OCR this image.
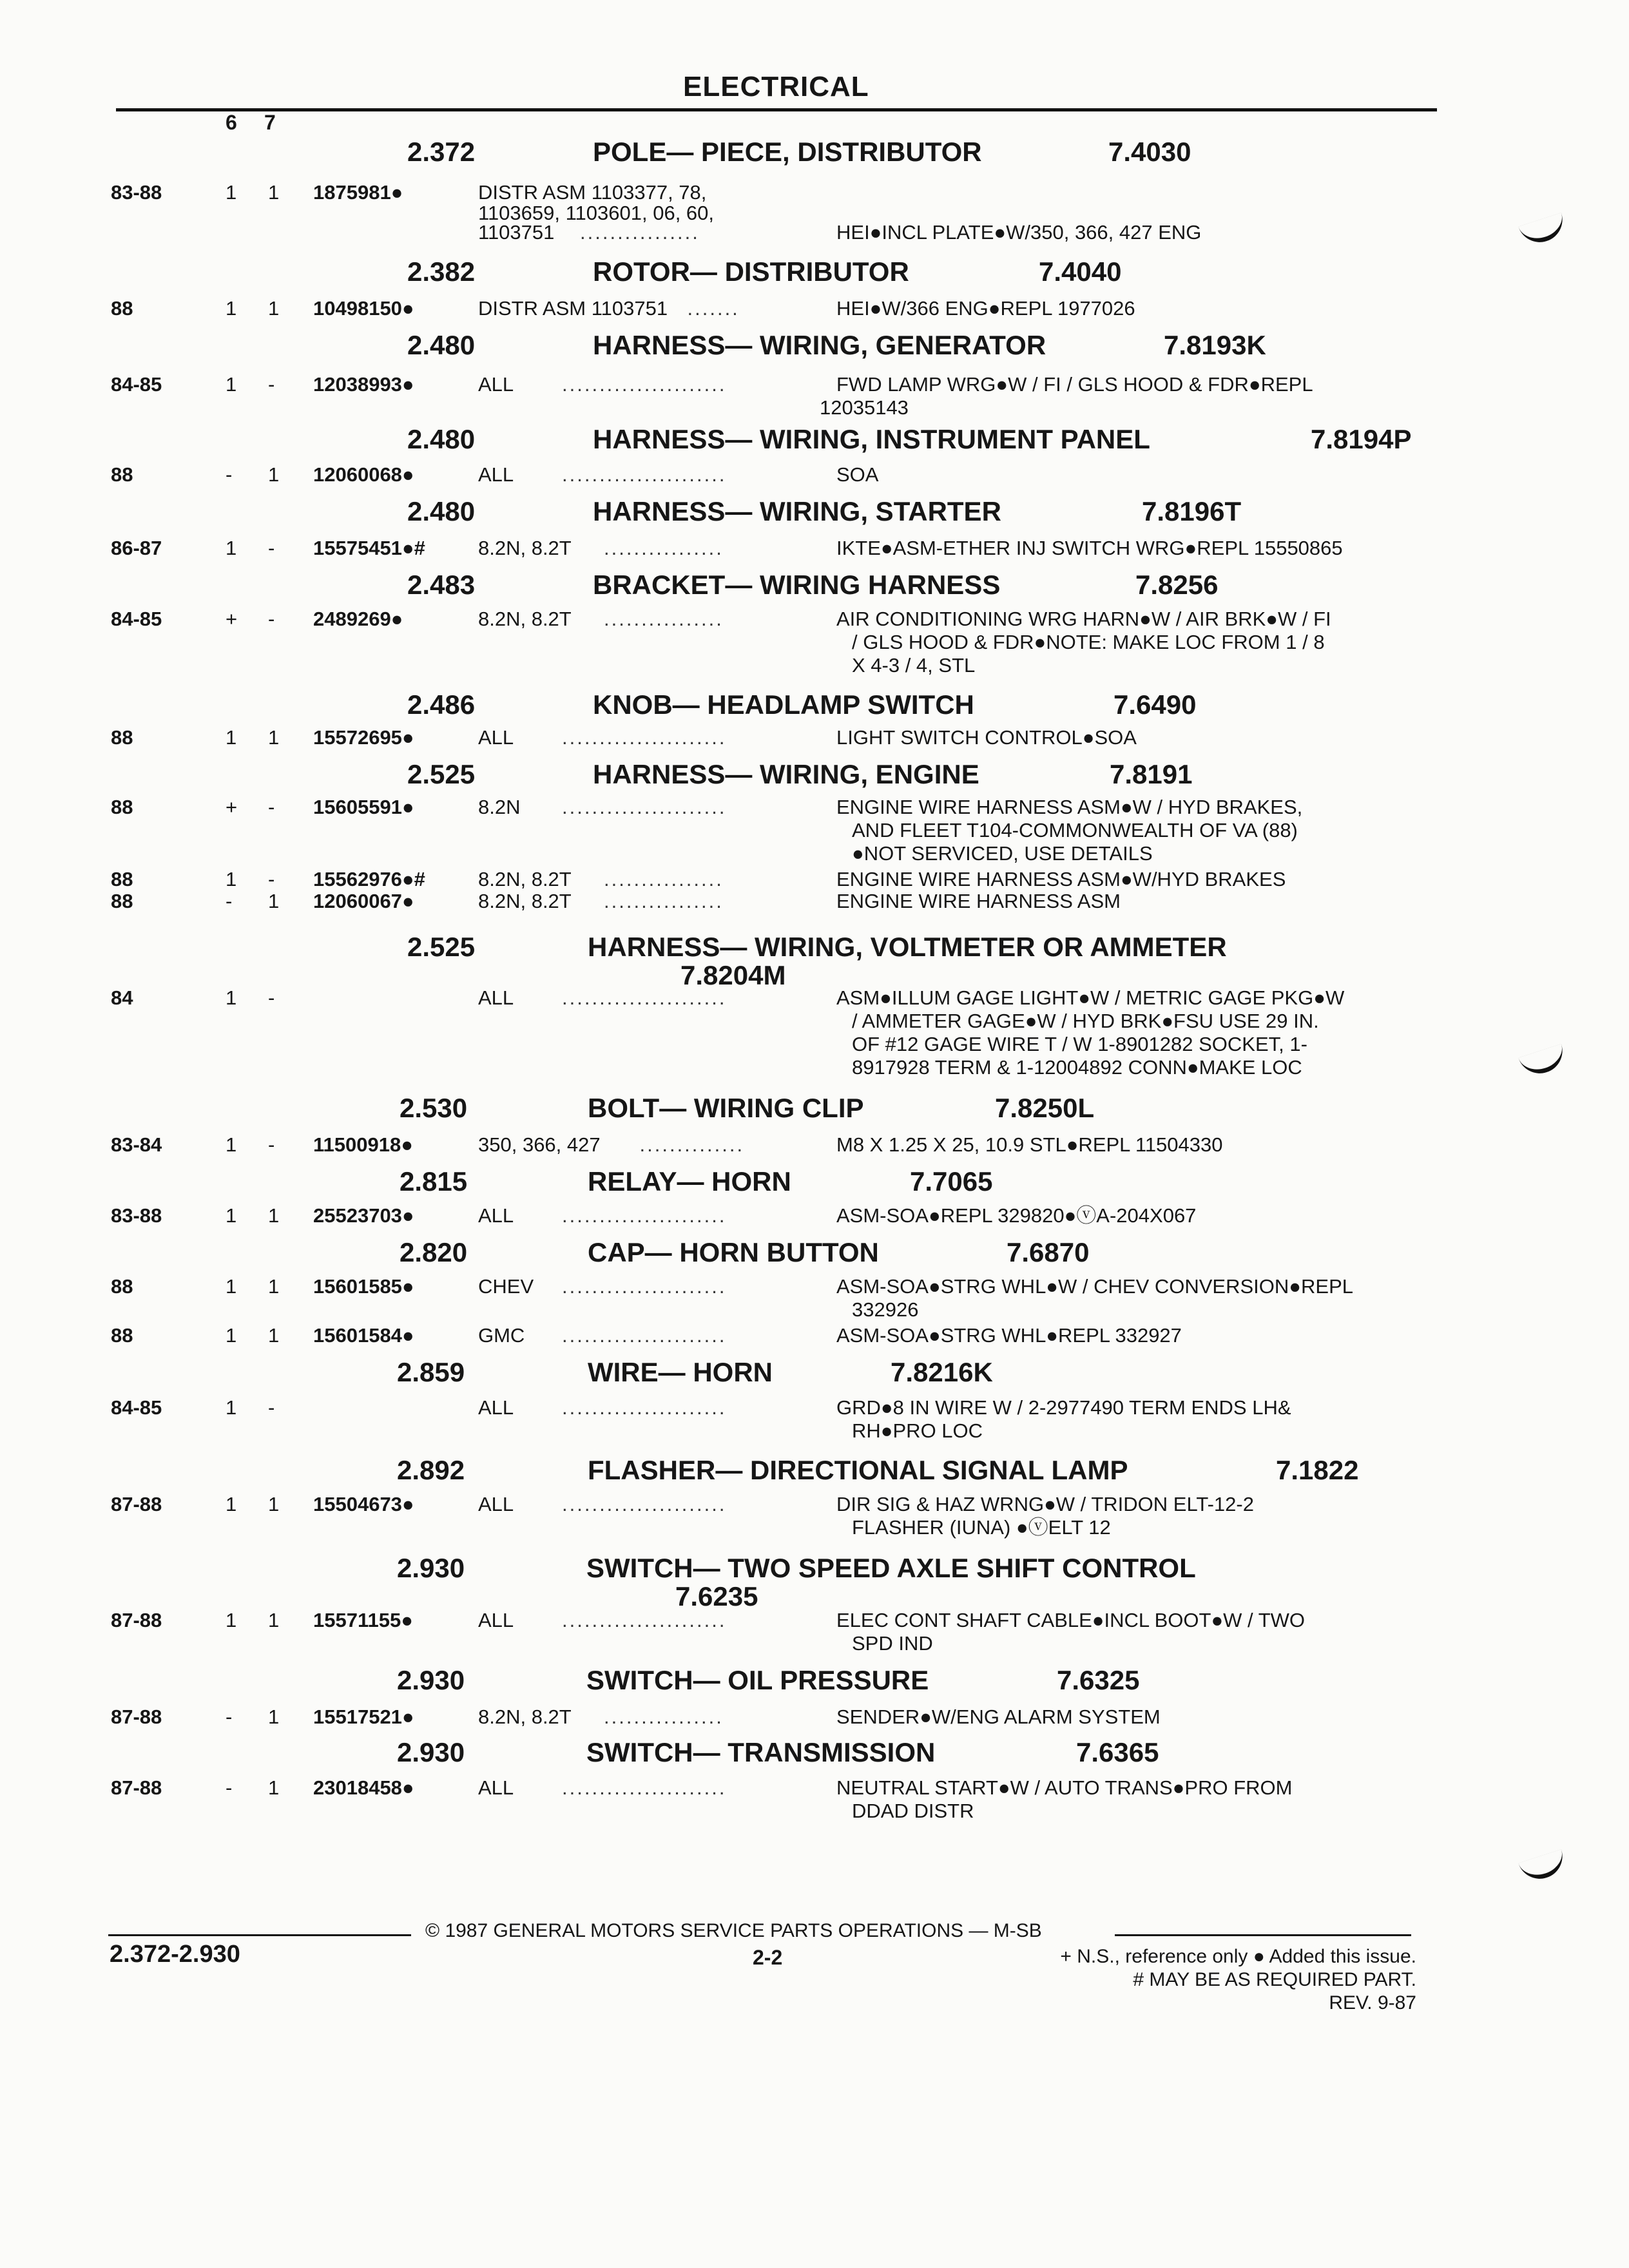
ELECTRICAL
6 7
2.372	POLE— PIECE, DISTRIBUTOR	7.4030
83-88	1 1 1875981●	DISTR ASM 1103377, 78,
1103659, 1103601, 06, 60,
1103751 ................	HEI●INCL PLATE●W/350, 366, 427 ENG
2.382	ROTOR— DISTRIBUTOR	7.4040
88	1 1 10498150●	DISTR ASM 1103751 .......	HEI●W/366 ENG●REPL 1977026
2.480	HARNESS— WIRING, GENERATOR	7.8193K
84-85	1 - 12038993●	ALL ......................	FWD LAMP WRG●W / FI / GLS HOOD & FDR●REPL
12035143
2.480	HARNESS— WIRING, INSTRUMENT PANEL	7.8194P
88	- 1 12060068●	ALL ......................	SOA
2.480	HARNESS— WIRING, STARTER	7.8196T
86-87	1 - 15575451●#	8.2N, 8.2T ................	IKTE●ASM-ETHER INJ SWITCH WRG●REPL 15550865
2.483	BRACKET— WIRING HARNESS	7.8256
84-85	+ - 2489269●	8.2N, 8.2T ................	AIR CONDITIONING WRG HARN●W / AIR BRK●W / FI
/ GLS HOOD & FDR●NOTE: MAKE LOC FROM 1 / 8
X 4-3 / 4, STL
2.486	KNOB— HEADLAMP SWITCH	7.6490
88	1 1 15572695●	ALL ......................	LIGHT SWITCH CONTROL●SOA
2.525	HARNESS— WIRING, ENGINE	7.8191
88	+ - 15605591●	8.2N ......................	ENGINE WIRE HARNESS ASM●W / HYD BRAKES,
AND FLEET T104-COMMONWEALTH OF VA (88)
●NOT SERVICED, USE DETAILS
88	1 - 15562976●#	8.2N, 8.2T ................	ENGINE WIRE HARNESS ASM●W/HYD BRAKES
88	- 1 12060067●	8.2N, 8.2T ................	ENGINE WIRE HARNESS ASM
2.525	HARNESS— WIRING, VOLTMETER OR AMMETER
7.8204M
84	1 -	ALL ......................	ASM●ILLUM GAGE LIGHT●W / METRIC GAGE PKG●W
/ AMMETER GAGE●W / HYD BRK●FSU USE 29 IN.
OF #12 GAGE WIRE T / W 1-8901282 SOCKET, 1-
8917928 TERM & 1-12004892 CONN●MAKE LOC
2.530	BOLT— WIRING CLIP	7.8250L
83-84	1 - 11500918●	350, 366, 427 ..............	M8 X 1.25 X 25, 10.9 STL●REPL 11504330
2.815	RELAY— HORN	7.7065
83-88	1 1 25523703●	ALL ......................	ASM-SOA●REPL 329820●ⓥA-204X067
2.820	CAP— HORN BUTTON	7.6870
88	1 1 15601585●	CHEV ......................	ASM-SOA●STRG WHL●W / CHEV CONVERSION●REPL
332926
88	1 1 15601584●	GMC ......................	ASM-SOA●STRG WHL●REPL 332927
2.859	WIRE— HORN	7.8216K
84-85	1 -	ALL ......................	GRD●8 IN WIRE W / 2-2977490 TERM ENDS LH&
RH●PRO LOC
2.892	FLASHER— DIRECTIONAL SIGNAL LAMP	7.1822
87-88	1 1 15504673●	ALL ......................	DIR SIG & HAZ WRNG●W / TRIDON ELT-12-2
FLASHER (IUNA) ●ⓥELT 12
2.930	SWITCH— TWO SPEED AXLE SHIFT CONTROL
7.6235
87-88	1 1 15571155●	ALL ......................	ELEC CONT SHAFT CABLE●INCL BOOT●W / TWO
SPD IND
2.930	SWITCH— OIL PRESSURE	7.6325
87-88	- 1 15517521●	8.2N, 8.2T ................	SENDER●W/ENG ALARM SYSTEM
2.930	SWITCH— TRANSMISSION	7.6365
87-88	- 1 23018458●	ALL ......................	NEUTRAL START●W / AUTO TRANS●PRO FROM
DDAD DISTR
© 1987 GENERAL MOTORS SERVICE PARTS OPERATIONS — M-SB
2.372-2.930	2-2	+ N.S., reference only ● Added this issue.
# MAY BE AS REQUIRED PART.
REV. 9-87
